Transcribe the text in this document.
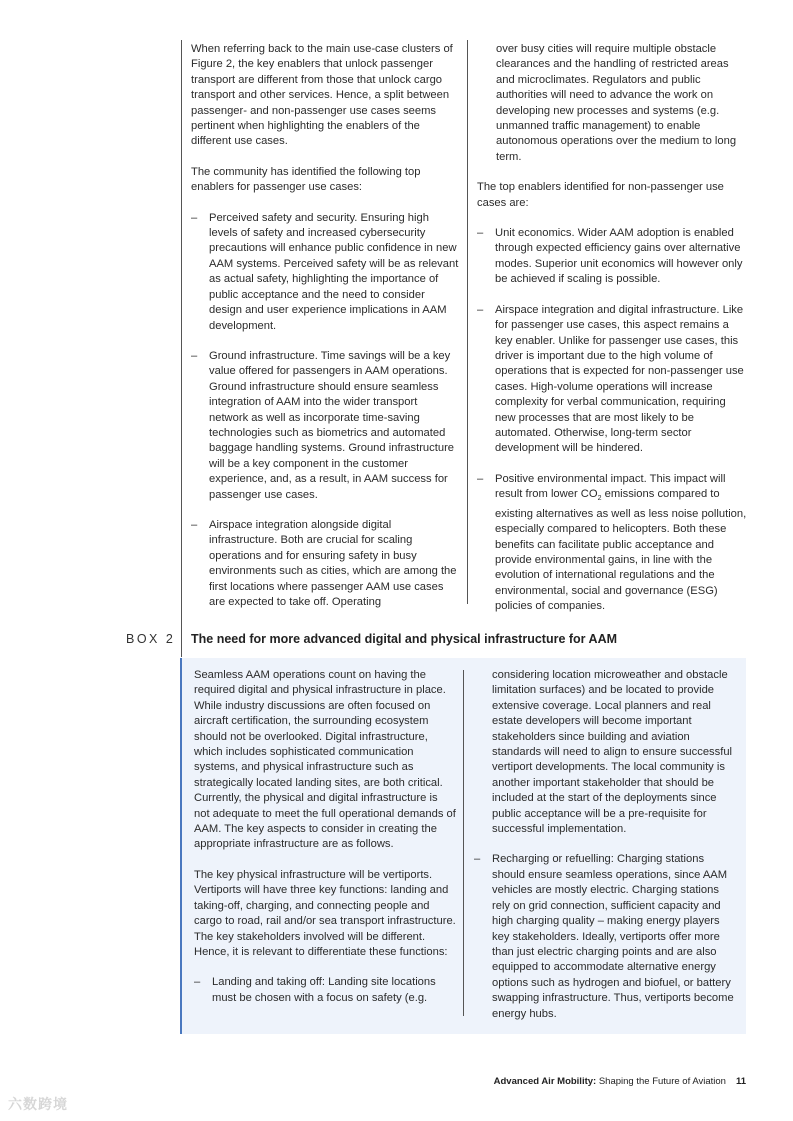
When referring back to the main use-case clusters of Figure 2, the key enablers that unlock passenger transport are different from those that unlock cargo transport and other services. Hence, a split between passenger- and non-passenger use cases seems pertinent when highlighting the enablers of the different use cases.

The community has identified the following top enablers for passenger use cases:

– Perceived safety and security. Ensuring high levels of safety and increased cybersecurity precautions will enhance public confidence in new AAM systems. Perceived safety will be as relevant as actual safety, highlighting the importance of public acceptance and the need to consider design and user experience implications in AAM development.
– Ground infrastructure. Time savings will be a key value offered for passengers in AAM operations. Ground infrastructure should ensure seamless integration of AAM into the wider transport network as well as incorporate time-saving technologies such as biometrics and automated baggage handling systems. Ground infrastructure will be a key component in the customer experience, and, as a result, in AAM success for passenger use cases.
– Airspace integration alongside digital infrastructure. Both are crucial for scaling operations and for ensuring safety in busy environments such as cities, which are among the first locations where passenger AAM use cases are expected to take off. Operating

over busy cities will require multiple obstacle clearances and the handling of restricted areas and microclimates. Regulators and public authorities will need to advance the work on developing new processes and systems (e.g. unmanned traffic management) to enable autonomous operations over the medium to long term.

The top enablers identified for non-passenger use cases are:

– Unit economics. Wider AAM adoption is enabled through expected efficiency gains over alternative modes. Superior unit economics will however only be achieved if scaling is possible.
– Airspace integration and digital infrastructure. Like for passenger use cases, this aspect remains a key enabler. Unlike for passenger use cases, this driver is important due to the high volume of operations that is expected for non-passenger use cases. High-volume operations will increase complexity for verbal communication, requiring new processes that are most likely to be automated. Otherwise, long-term sector development will be hindered.
– Positive environmental impact. This impact will result from lower $CO_2$ emissions compared to existing alternatives as well as less noise pollution, especially compared to helicopters. Both these benefits can facilitate public acceptance and provide environmental gains, in line with the evolution of international regulations and the environmental, social and governance (ESG) policies of companies.
BOX 2 The need for more advanced digital and physical infrastructure for AAM

Seamless AAM operations count on having the required digital and physical infrastructure in place. While industry discussions are often focused on aircraft certification, the surrounding ecosystem should not be overlooked. Digital infrastructure, which includes sophisticated communication systems, and physical infrastructure such as strategically located landing sites, are both critical. Currently, the physical and digital infrastructure is not adequate to meet the full operational demands of AAM. The key aspects to consider in creating the appropriate infrastructure are as follows.

The key physical infrastructure will be vertiports. Vertiports will have three key functions: landing and taking-off, charging, and connecting people and cargo to road, rail and/or sea transport infrastructure. The key stakeholders involved will be different. Hence, it is relevant to differentiate these functions:

– Landing and taking off: Landing site locations must be chosen with a focus on safety (e.g.

considering location microweather and obstacle limitation surfaces) and be located to provide extensive coverage. Local planners and real estate developers will become important stakeholders since building and aviation standards will need to align to ensure successful vertiport developments. The local community is another important stakeholder that should be included at the start of the deployments since public acceptance will be a pre-requisite for successful implementation.

– Recharging or refuelling: Charging stations should ensure seamless operations, since AAM vehicles are mostly electric. Charging stations rely on grid connection, sufficient capacity and high charging quality – making energy players key stakeholders. Ideally, vertiports offer more than just electric charging points and are also equipped to accommodate alternative energy options such as hydrogen and biofuel, or battery swapping infrastructure. Thus, vertiports become energy hubs.
Advanced Air Mobility: Shaping the Future of Aviation 11
六数跨境
